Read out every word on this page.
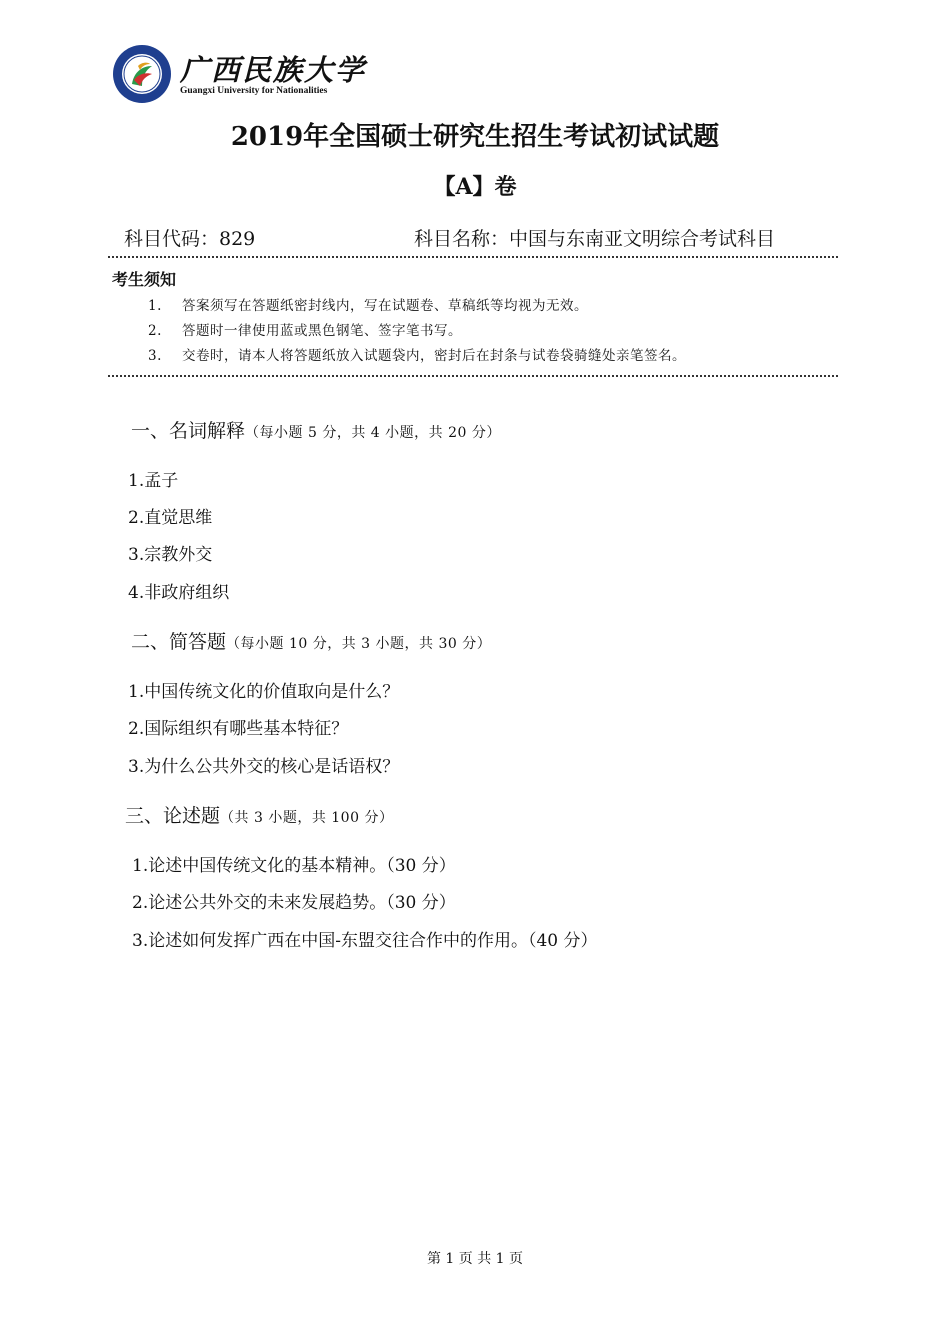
广西民族大学
Guangxi University for Nationalities
2019年全国硕士研究生招生考试初试试题
【A】卷
科目代码：829	科目名称：中国与东南亚文明综合考试科目
考生须知
1. 答案须写在答题纸密封线内，写在试题卷、草稿纸等均视为无效。
2. 答题时一律使用蓝或黑色钢笔、签字笔书写。
3. 交卷时，请本人将答题纸放入试题袋内，密封后在封条与试卷袋骑缝处亲笔签名。
一、名词解释（每小题 5 分，共 4 小题，共 20 分）
1.孟子
2.直觉思维
3.宗教外交
4.非政府组织
二、简答题（每小题 10 分，共 3 小题，共 30 分）
1.中国传统文化的价值取向是什么？
2.国际组织有哪些基本特征？
3.为什么公共外交的核心是话语权？
三、论述题（共 3 小题，共 100 分）
1.论述中国传统文化的基本精神。（30 分）
2.论述公共外交的未来发展趋势。（30 分）
3.论述如何发挥广西在中国-东盟交往合作中的作用。（40 分）
第 1 页 共 1 页
